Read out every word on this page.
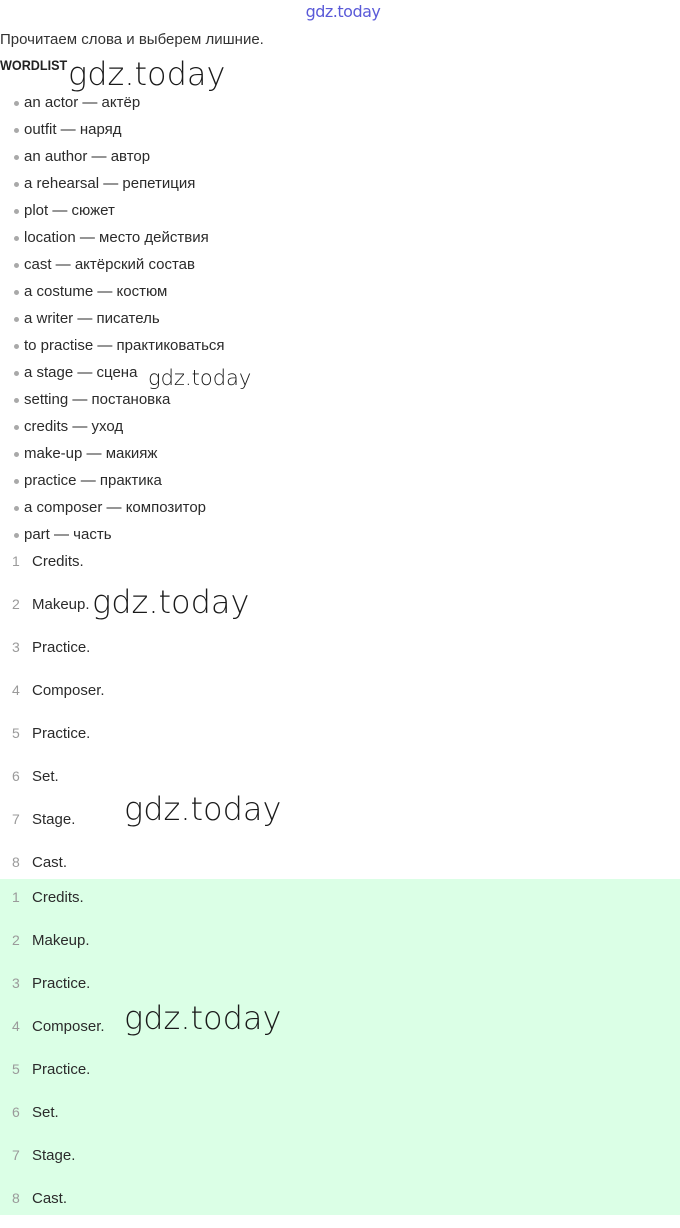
gdz.today
Прочитаем слова и выберем лишние.
WORDLIST
an actor — актёр
outfit — наряд
an author — автор
a rehearsal — репетиция
plot — сюжет
location — место действия
cast — актёрский состав
a costume — костюм
a writer — писатель
to practise — практиковаться
a stage — сцена
setting — постановка
credits — уход
make-up — макияж
practice — практика
a composer — композитор
part — часть
1 Credits.
2 Makeup.
3 Practice.
4 Composer.
5 Practice.
6 Set.
7 Stage.
8 Cast.
1 Credits.
2 Makeup.
3 Practice.
4 Composer.
5 Practice.
6 Set.
7 Stage.
8 Cast.
gdz.today
gdz.today
gdz.today
gdz.today
gdz.today
